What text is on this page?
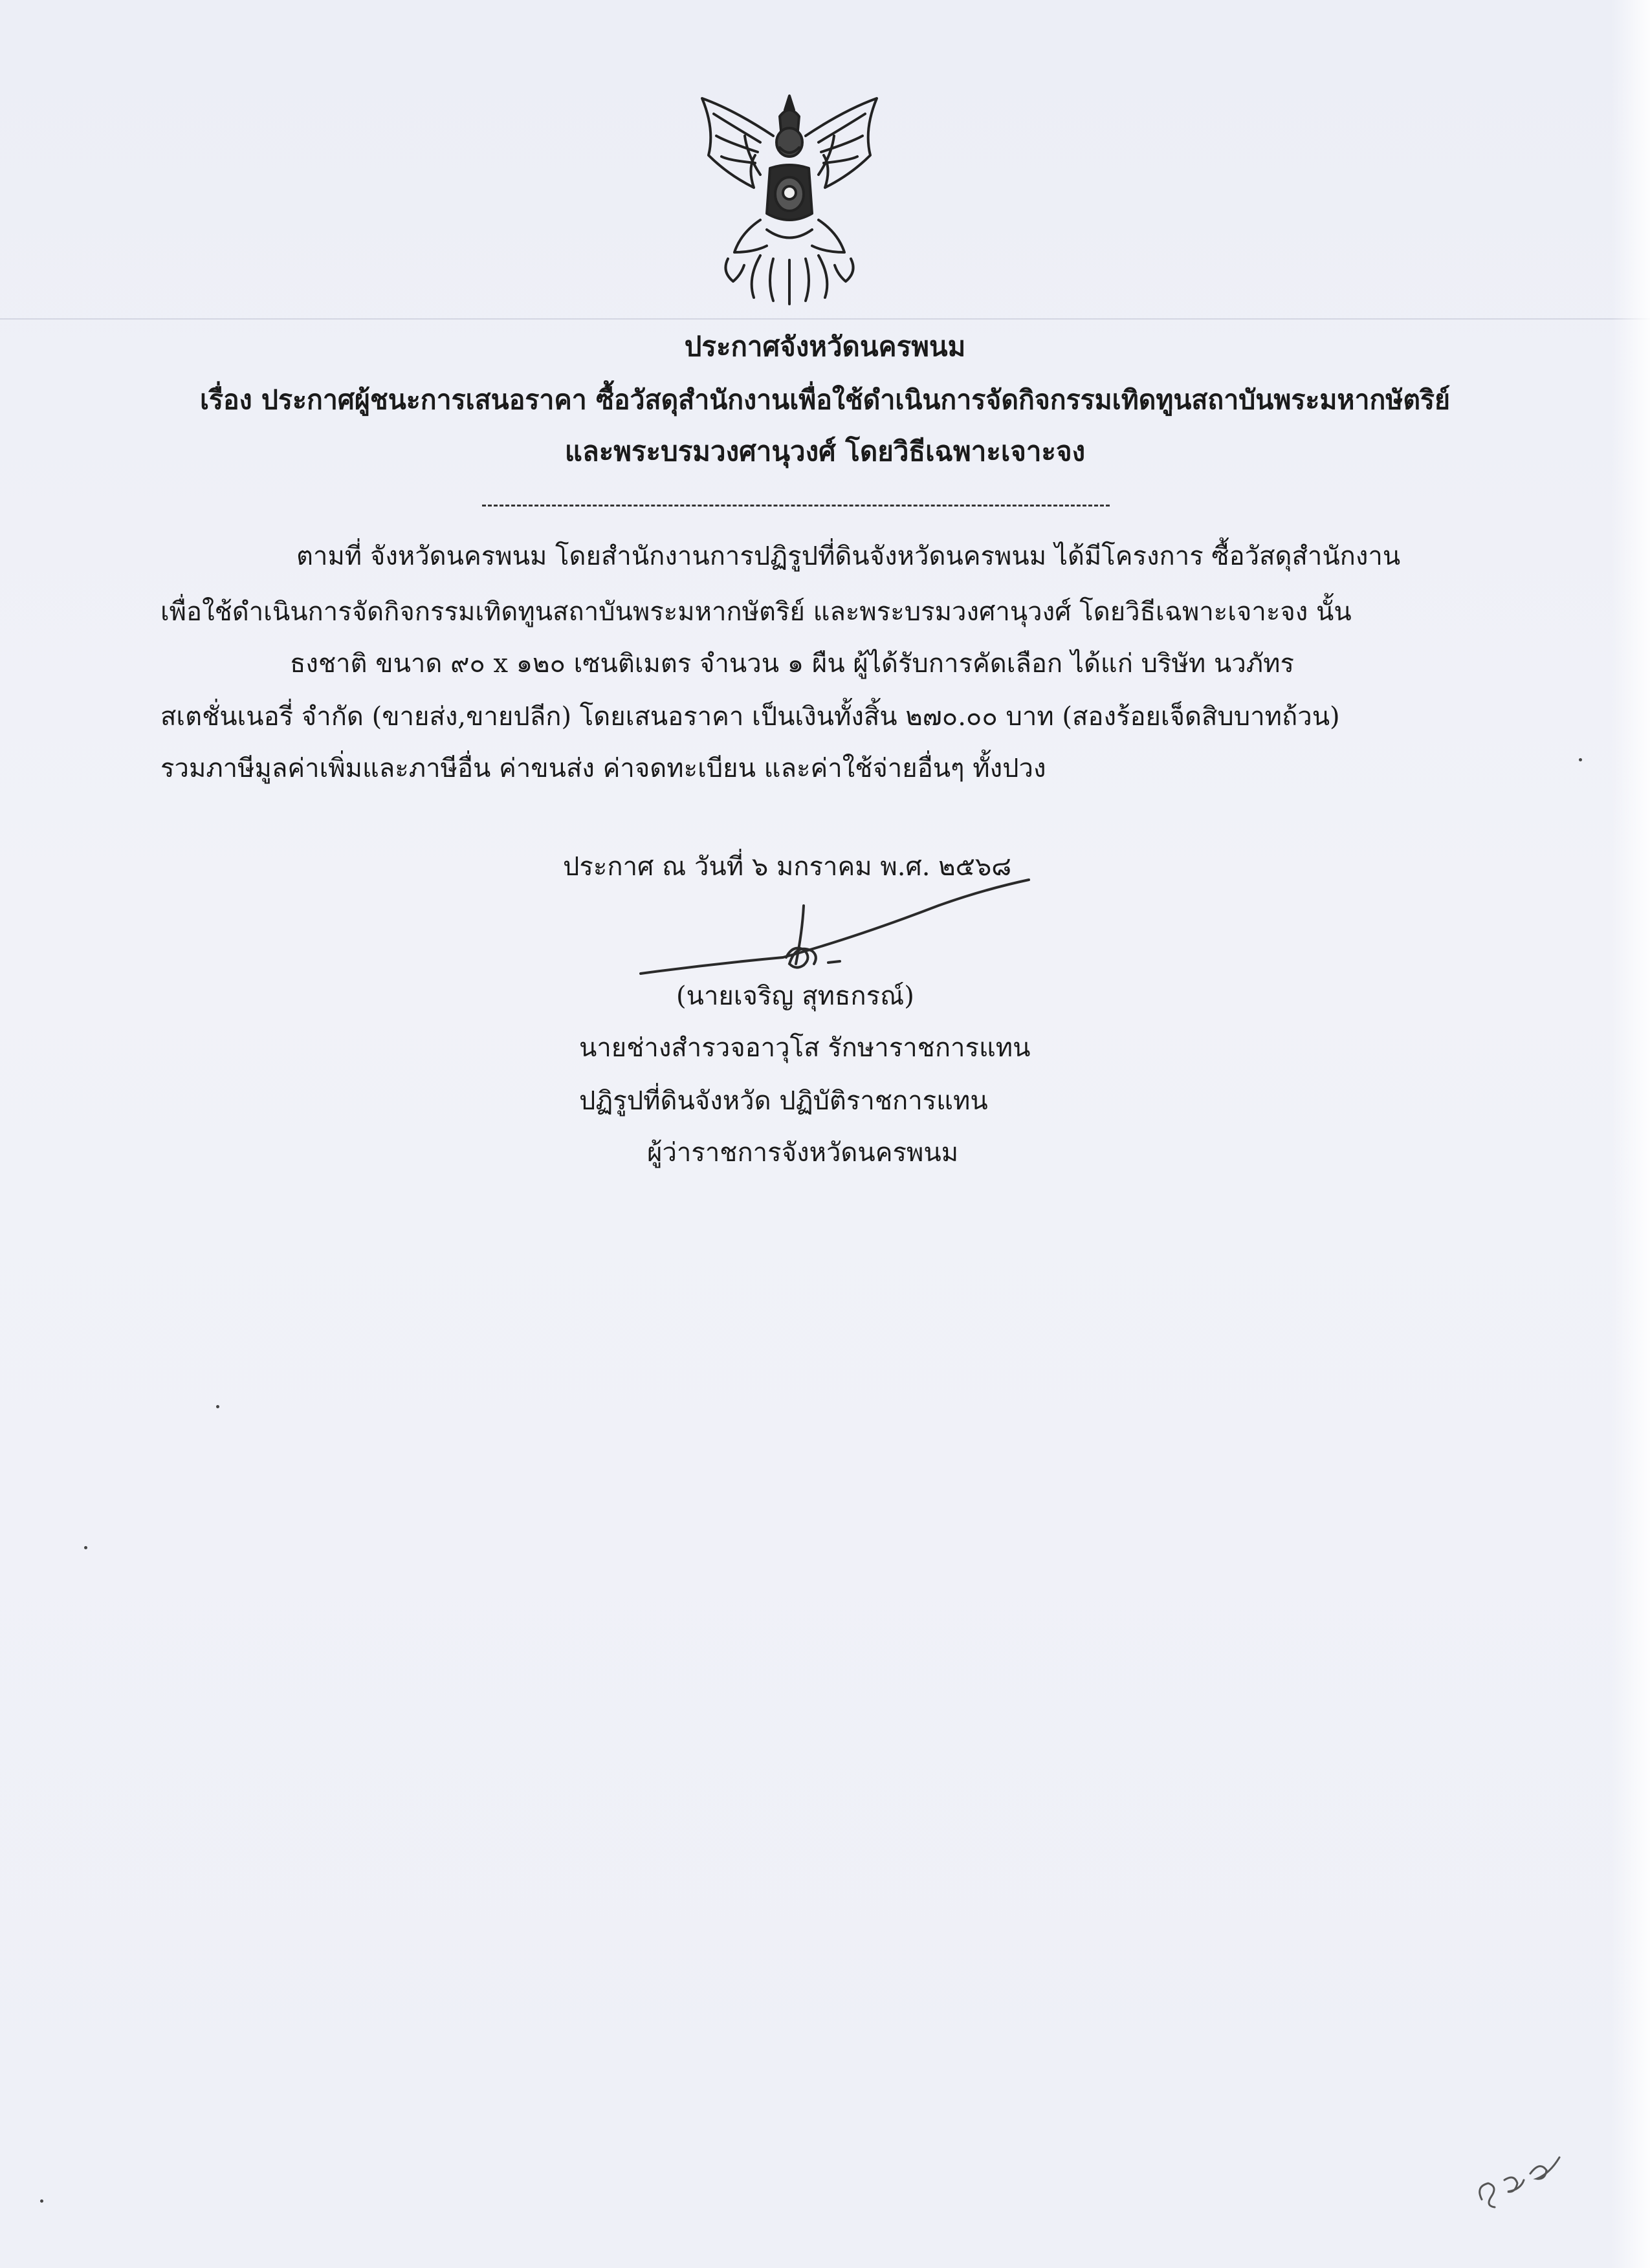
ประกาศจังหวัดนครพนม
เรื่อง ประกาศผู้ชนะการเสนอราคา ซื้อวัสดุสำนักงานเพื่อใช้ดำเนินการจัดกิจกรรมเทิดทูนสถาบันพระมหากษัตริย์
และพระบรมวงศานุวงศ์ โดยวิธีเฉพาะเจาะจง
ตามที่ จังหวัดนครพนม โดยสำนักงานการปฏิรูปที่ดินจังหวัดนครพนม ได้มีโครงการ ซื้อวัสดุสำนักงาน
เพื่อใช้ดำเนินการจัดกิจกรรมเทิดทูนสถาบันพระมหากษัตริย์ และพระบรมวงศานุวงศ์ โดยวิธีเฉพาะเจาะจง นั้น
ธงชาติ ขนาด ๙๐ x ๑๒๐ เซนติเมตร จำนวน ๑ ผืน ผู้ได้รับการคัดเลือก ได้แก่ บริษัท นวภัทร
สเตชั่นเนอรี่ จำกัด (ขายส่ง,ขายปลีก) โดยเสนอราคา เป็นเงินทั้งสิ้น ๒๗๐.๐๐ บาท (สองร้อยเจ็ดสิบบาทถ้วน)
รวมภาษีมูลค่าเพิ่มและภาษีอื่น ค่าขนส่ง ค่าจดทะเบียน และค่าใช้จ่ายอื่นๆ ทั้งปวง
ประกาศ ณ วันที่ ๖ มกราคม พ.ศ. ๒๕๖๘
(นายเจริญ สุทธกรณ์)
นายช่างสำรวจอาวุโส รักษาราชการแทน
ปฏิรูปที่ดินจังหวัด ปฏิบัติราชการแทน
ผู้ว่าราชการจังหวัดนครพนม
